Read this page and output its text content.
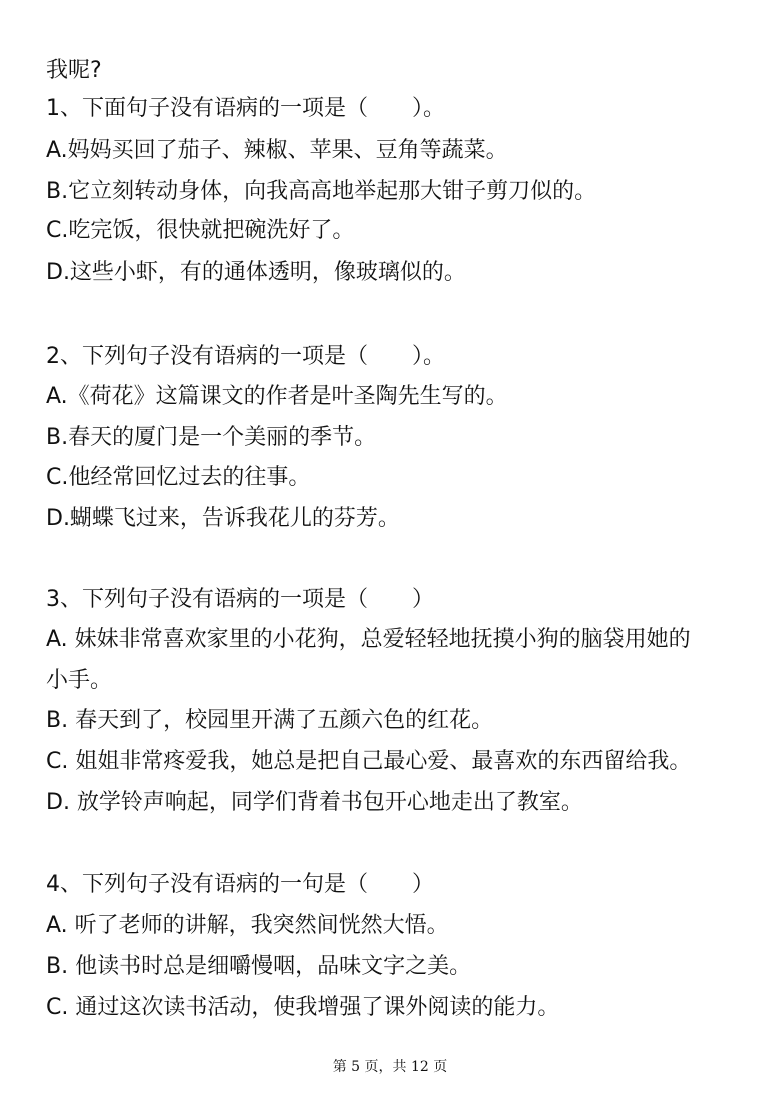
我呢?
1、下面句子没有语病的一项是（　　）。
A.妈妈买回了茄子、辣椒、苹果、豆角等蔬菜。
B.它立刻转动身体，向我高高地举起那大钳子剪刀似的。
C.吃完饭，很快就把碗洗好了。
D.这些小虾，有的通体透明，像玻璃似的。
2、下列句子没有语病的一项是（　　）。
A.《荷花》这篇课文的作者是叶圣陶先生写的。
B.春天的厦门是一个美丽的季节。
C.他经常回忆过去的往事。
D.蝴蝶飞过来，告诉我花儿的芬芳。
3、下列句子没有语病的一项是（　　）
A. 妹妹非常喜欢家里的小花狗，总爱轻轻地抚摸小狗的脑袋用她的
小手。
B. 春天到了，校园里开满了五颜六色的红花。
C. 姐姐非常疼爱我，她总是把自己最心爱、最喜欢的东西留给我。
D. 放学铃声响起，同学们背着书包开心地走出了教室。
4、下列句子没有语病的一句是（　　）
A. 听了老师的讲解，我突然间恍然大悟。
B. 他读书时总是细嚼慢咽，品味文字之美。
C. 通过这次读书活动，使我增强了课外阅读的能力。
第 5 页，共 12 页
